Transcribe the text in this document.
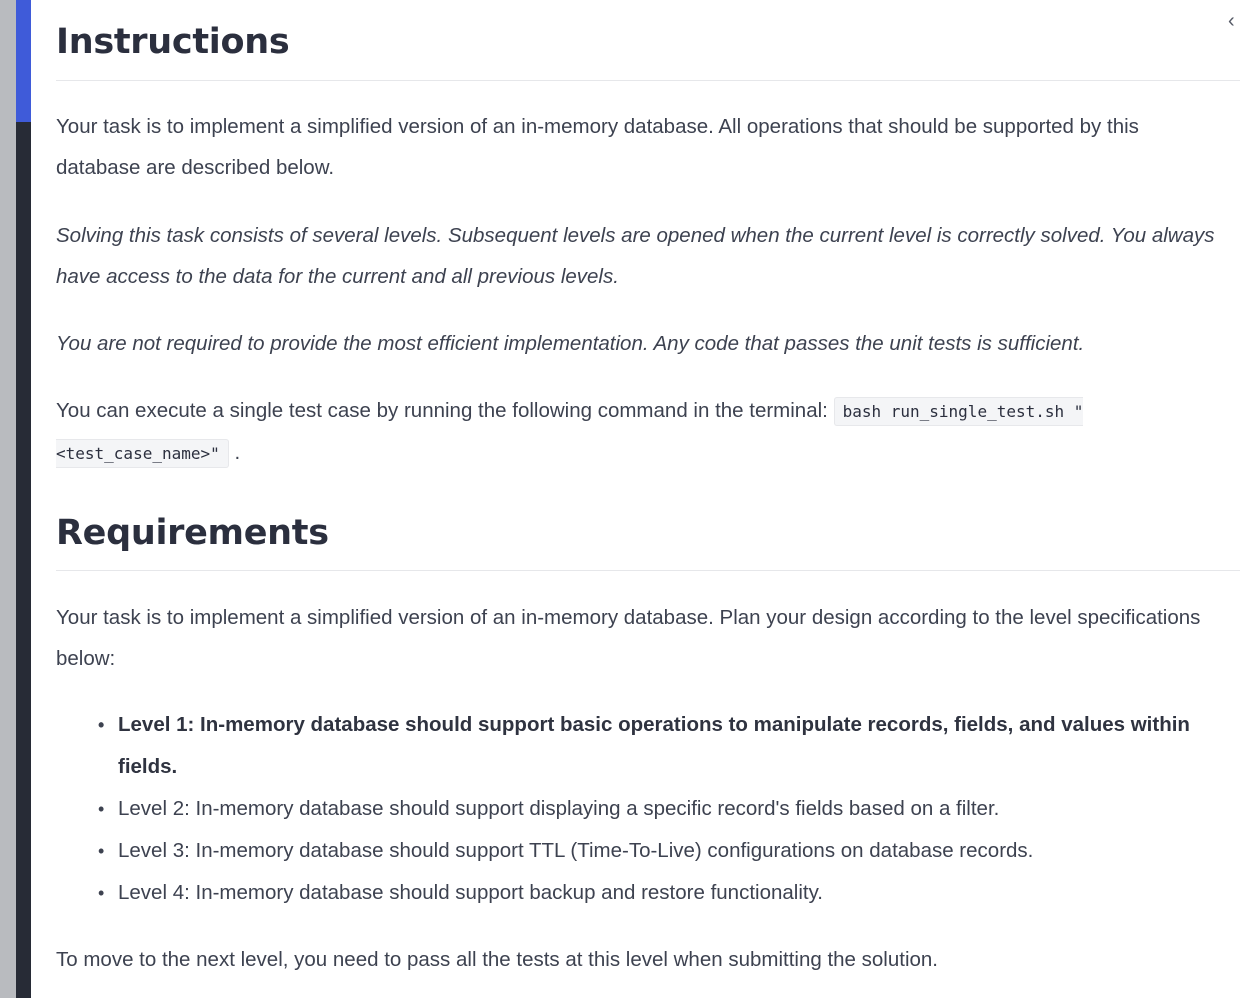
‹
Instructions

Your task is to implement a simplified version of an in-memory database. All operations that should be supported by this database are described below.

Solving this task consists of several levels. Subsequent levels are opened when the current level is correctly solved. You always have access to the data for the current and all previous levels.

You are not required to provide the most efficient implementation. Any code that passes the unit tests is sufficient.

You can execute a single test case by running the following command in the terminal: bash run_single_test.sh "<test_case_name>" .

Requirements

Your task is to implement a simplified version of an in-memory database. Plan your design according to the level specifications below:

• Level 1: In-memory database should support basic operations to manipulate records, fields, and values within fields.
• Level 2: In-memory database should support displaying a specific record's fields based on a filter.
• Level 3: In-memory database should support TTL (Time-To-Live) configurations on database records.
• Level 4: In-memory database should support backup and restore functionality.

To move to the next level, you need to pass all the tests at this level when submitting the solution.
